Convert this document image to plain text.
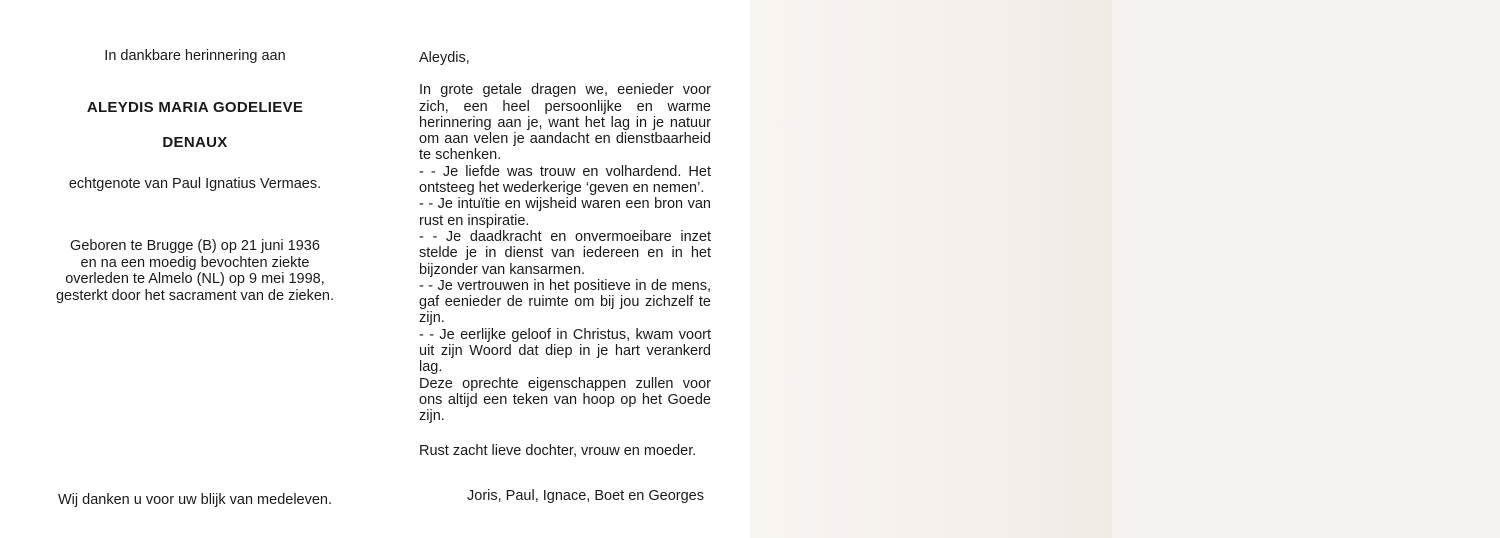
In dankbare herinnering aan
ALEYDIS MARIA GODELIEVE
DENAUX
echtgenote van Paul Ignatius Vermaes.
Geboren te Brugge (B) op 21 juni 1936
en na een moedig bevochten ziekte
overleden te Almelo (NL) op 9 mei 1998,
gesterkt door het sacrament van de zieken.
Wij danken u voor uw blijk van medeleven.
Aleydis,
In grote getale dragen we, eenieder voor zich, een heel persoonlijke en warme herinnering aan je, want het lag in je natuur om aan velen je aandacht en dienstbaarheid te schenken.
- - Je liefde was trouw en volhardend. Het ontsteeg het wederkerige ‘geven en nemen’.
- - Je intuïtie en wijsheid waren een bron van rust en inspiratie.
- - Je daadkracht en onvermoeibare inzet stelde je in dienst van iedereen en in het bijzonder van kansarmen.
- - Je vertrouwen in het positieve in de mens, gaf eenieder de ruimte om bij jou zichzelf te zijn.
- - Je eerlijke geloof in Christus, kwam voort uit zijn Woord dat diep in je hart verankerd lag.
Deze oprechte eigenschappen zullen voor ons altijd een teken van hoop op het Goede zijn.
Rust zacht lieve dochter, vrouw en moeder.
Joris, Paul, Ignace, Boet en Georges
